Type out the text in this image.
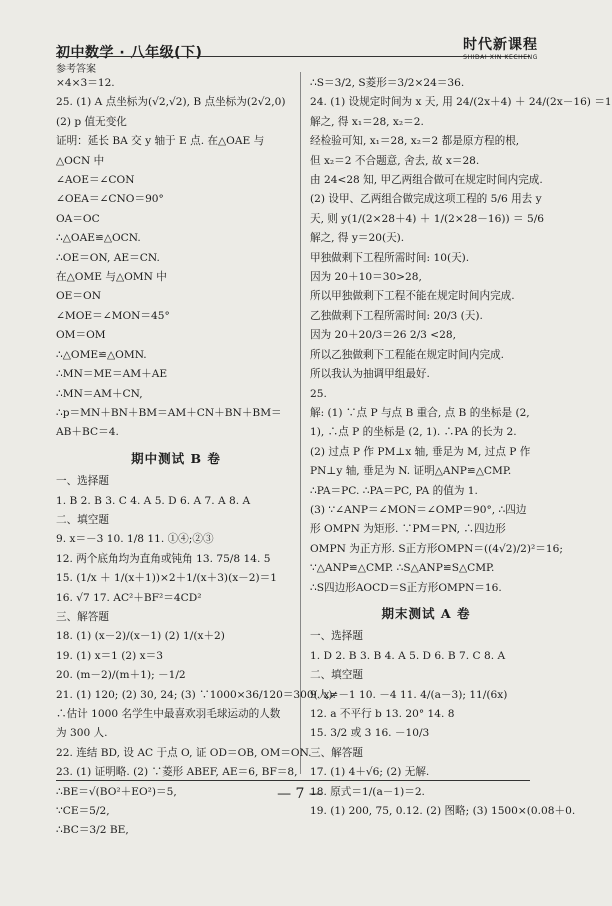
初中数学 · 八年级(下)
参考答案
时代新课程
SHIDAI XIN KECHENG
×4×3＝12.
25. (1) A 点坐标为(√2,√2), B 点坐标为(2√2,0)
(2) p 值无变化
证明：延长 BA 交 y 轴于 E 点. 在△OAE 与
△OCN 中
∠AOE＝∠CON
∠OEA＝∠CNO＝90°
OA＝OC
∴△OAE≌△OCN.
∴OE＝ON, AE＝CN.
在△OME 与△OMN 中
OE＝ON
∠MOE＝∠MON＝45°
OM＝OM
∴△OME≌△OMN.
∴MN＝ME＝AM＋AE
∴MN＝AM＋CN,
∴p＝MN＋BN＋BM＝AM＋CN＋BN＋BM＝
AB＋BC＝4.
期中测试 B 卷
一、选择题
1. B 2. B 3. C 4. A 5. D 6. A 7. A 8. A
二、填空题
9. x＝－3 10. 1/8 11. ①④;②③
12. 两个底角均为直角或钝角 13. 75/8 14. 5
15. (1/x ＋ 1/(x＋1))×2＋1/(x＋3)(x－2)＝1
16. √7 17. AC²＋BF²＝4CD²
三、解答题
18. (1) (x－2)/(x－1) (2) 1/(x＋2)
19. (1) x＝1 (2) x＝3
20. (m－2)/(m＋1); －1/2
21. (1) 120; (2) 30, 24; (3) ∵1000×36/120＝300(人).
∴估计 1000 名学生中最喜欢羽毛球运动的人数
为 300 人.
22. 连结 BD, 设 AC 于点 O, 证 OD＝OB, OM＝ON.
23. (1) 证明略. (2) ∵菱形 ABEF, AE＝6, BF＝8,
∴BE＝√(BO²＋EO²)＝5,
∵CE＝5/2,
∴BC＝3/2 BE,
∴S＝3/2, S菱形＝3/2×24＝36.
24. (1) 设规定时间为 x 天, 用 24/(2x＋4) ＋ 24/(2x－16) ＝1
解之, 得 x₁＝28, x₂＝2.
经检验可知, x₁＝28, x₂＝2 都是原方程的根,
但 x₂＝2 不合题意, 舍去, 故 x＝28.
由 24<28 知, 甲乙两组合做可在规定时间内完成.
(2) 设甲、乙两组合做完成这项工程的 5/6 用去 y
天, 则 y(1/(2×28＋4) ＋ 1/(2×28－16)) ＝ 5/6
解之, 得 y＝20(天).
甲独做剩下工程所需时间: 10(天).
因为 20＋10＝30>28,
所以甲独做剩下工程不能在规定时间内完成.
乙独做剩下工程所需时间: 20/3 (天).
因为 20＋20/3＝26 2/3 <28,
所以乙独做剩下工程能在规定时间内完成.
所以我认为抽调甲组最好.
25.
解: (1) ∵点 P 与点 B 重合, 点 B 的坐标是 (2,
1), ∴点 P 的坐标是 (2, 1). ∴PA 的长为 2.
(2) 过点 P 作 PM⊥x 轴, 垂足为 M, 过点 P 作
PN⊥y 轴, 垂足为 N. 证明△ANP≌△CMP.
∴PA＝PC. ∴PA＝PC, PA 的值为 1.
(3) ∵∠ANP＝∠MON＝∠OMP＝90°, ∴四边
形 OMPN 为矩形. ∵PM＝PN, ∴四边形
OMPN 为正方形. S正方形OMPN＝((4√2)/2)²＝16;
∵△ANP≌△CMP. ∴S△ANP≌S△CMP.
∴S四边形AOCD＝S正方形OMPN＝16.
期末测试 A 卷
一、选择题
1. D 2. B 3. B 4. A 5. D 6. B 7. C 8. A
二、填空题
9. x≠－1 10. －4 11. 4/(a－3); 11/(6x)
12. a 不平行 b 13. 20° 14. 8
15. 3/2 或 3 16. －10/3
三、解答题
17. (1) 4＋√6; (2) 无解.
18. 原式＝1/(a－1)＝2.
19. (1) 200, 75, 0.12. (2) 图略; (3) 1500×(0.08＋0.
— 7 —
